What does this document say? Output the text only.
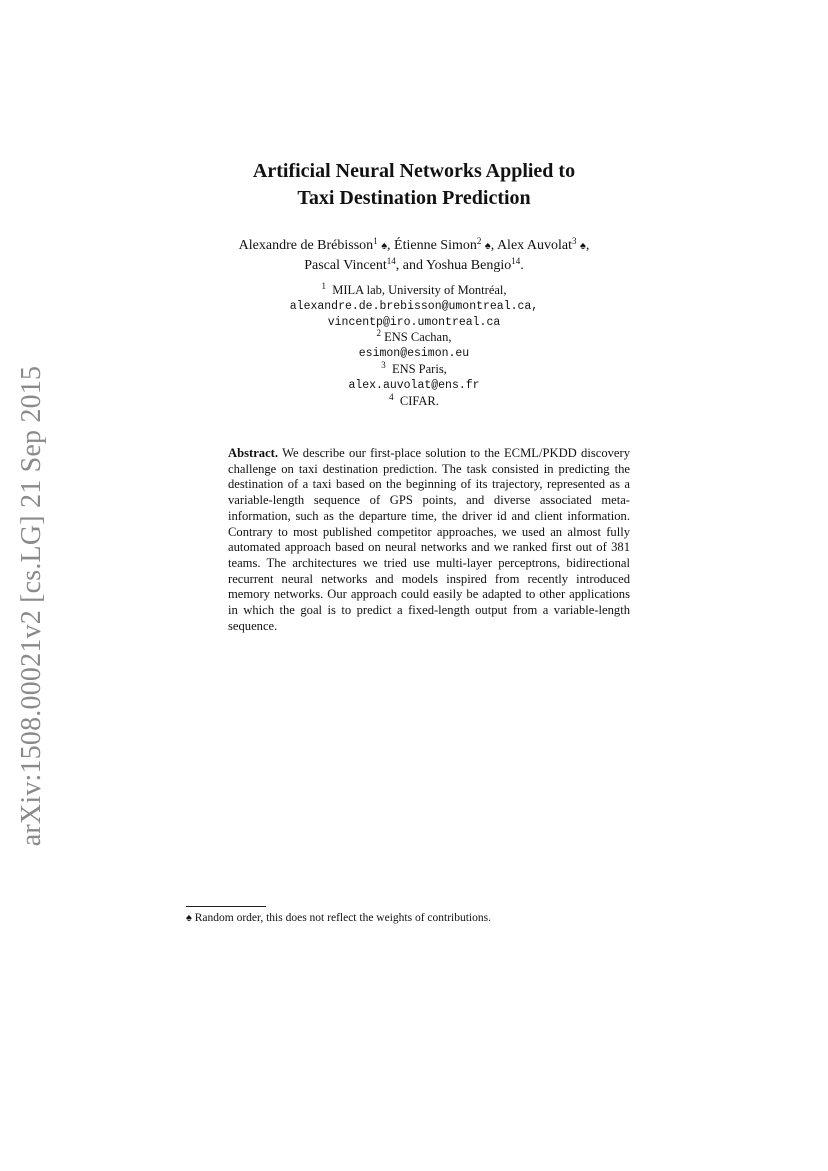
arXiv:1508.00021v2 [cs.LG] 21 Sep 2015
Artificial Neural Networks Applied to
Taxi Destination Prediction
Alexandre de Brébisson$^1$ ♠, Étienne Simon$^2$ ♠, Alex Auvolat$^3$ ♠,
Pascal Vincent$^{14}$, and Yoshua Bengio$^{14}$.
$^1$ MILA lab, University of Montréal,
alexandre.de.brebisson@umontreal.ca,
vincentp@iro.umontreal.ca
$^2$ ENS Cachan,
esimon@esimon.eu
$^3$ ENS Paris,
alex.auvolat@ens.fr
$^4$ CIFAR.
Abstract. We describe our first-place solution to the ECML/PKDD discovery challenge on taxi destination prediction. The task consisted in predicting the destination of a taxi based on the beginning of its trajectory, represented as a variable-length sequence of GPS points, and diverse associated meta-information, such as the departure time, the driver id and client information. Contrary to most published competitor approaches, we used an almost fully automated approach based on neural networks and we ranked first out of 381 teams. The architectures we tried use multi-layer perceptrons, bidirectional recurrent neural networks and models inspired from recently introduced memory networks. Our approach could easily be adapted to other applications in which the goal is to predict a fixed-length output from a variable-length sequence.
♠ Random order, this does not reflect the weights of contributions.
